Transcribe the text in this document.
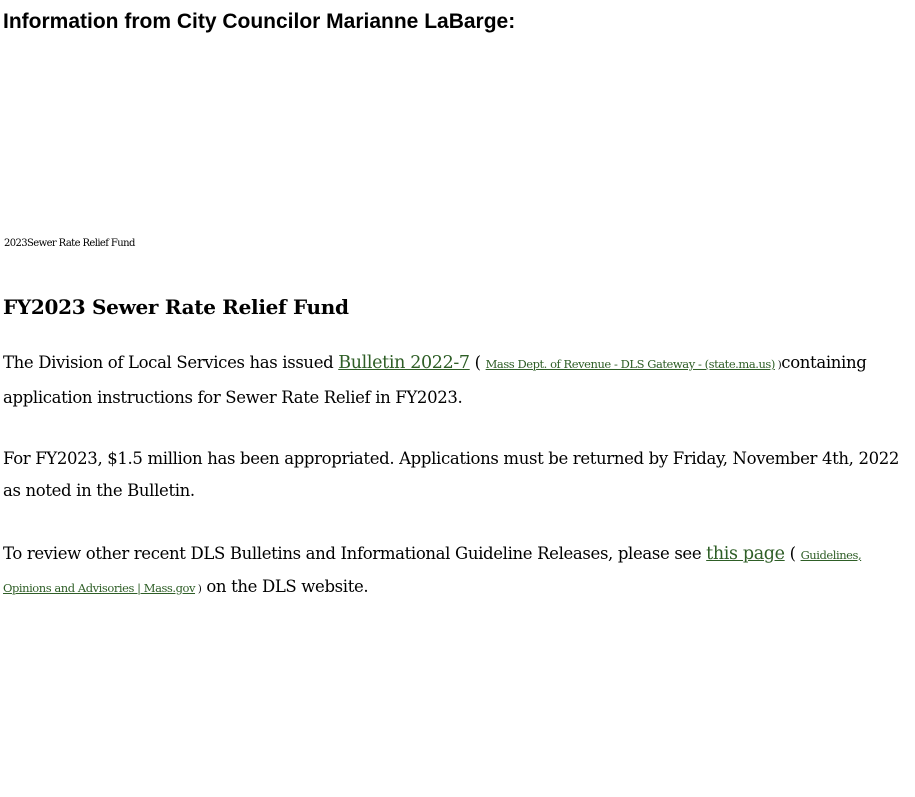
Information from City Councilor Marianne LaBarge:
2023Sewer Rate Relief Fund
FY2023 Sewer Rate Relief Fund

The Division of Local Services has issued Bulletin 2022-7 ( Mass Dept. of Revenue - DLS Gateway - (state.ma.us) )containing application instructions for Sewer Rate Relief in FY2023.

For FY2023, $1.5 million has been appropriated. Applications must be returned by Friday, November 4th, 2022 as noted in the Bulletin.

To review other recent DLS Bulletins and Informational Guideline Releases, please see this page ( Guidelines, Opinions and Advisories | Mass.gov ) on the DLS website.
